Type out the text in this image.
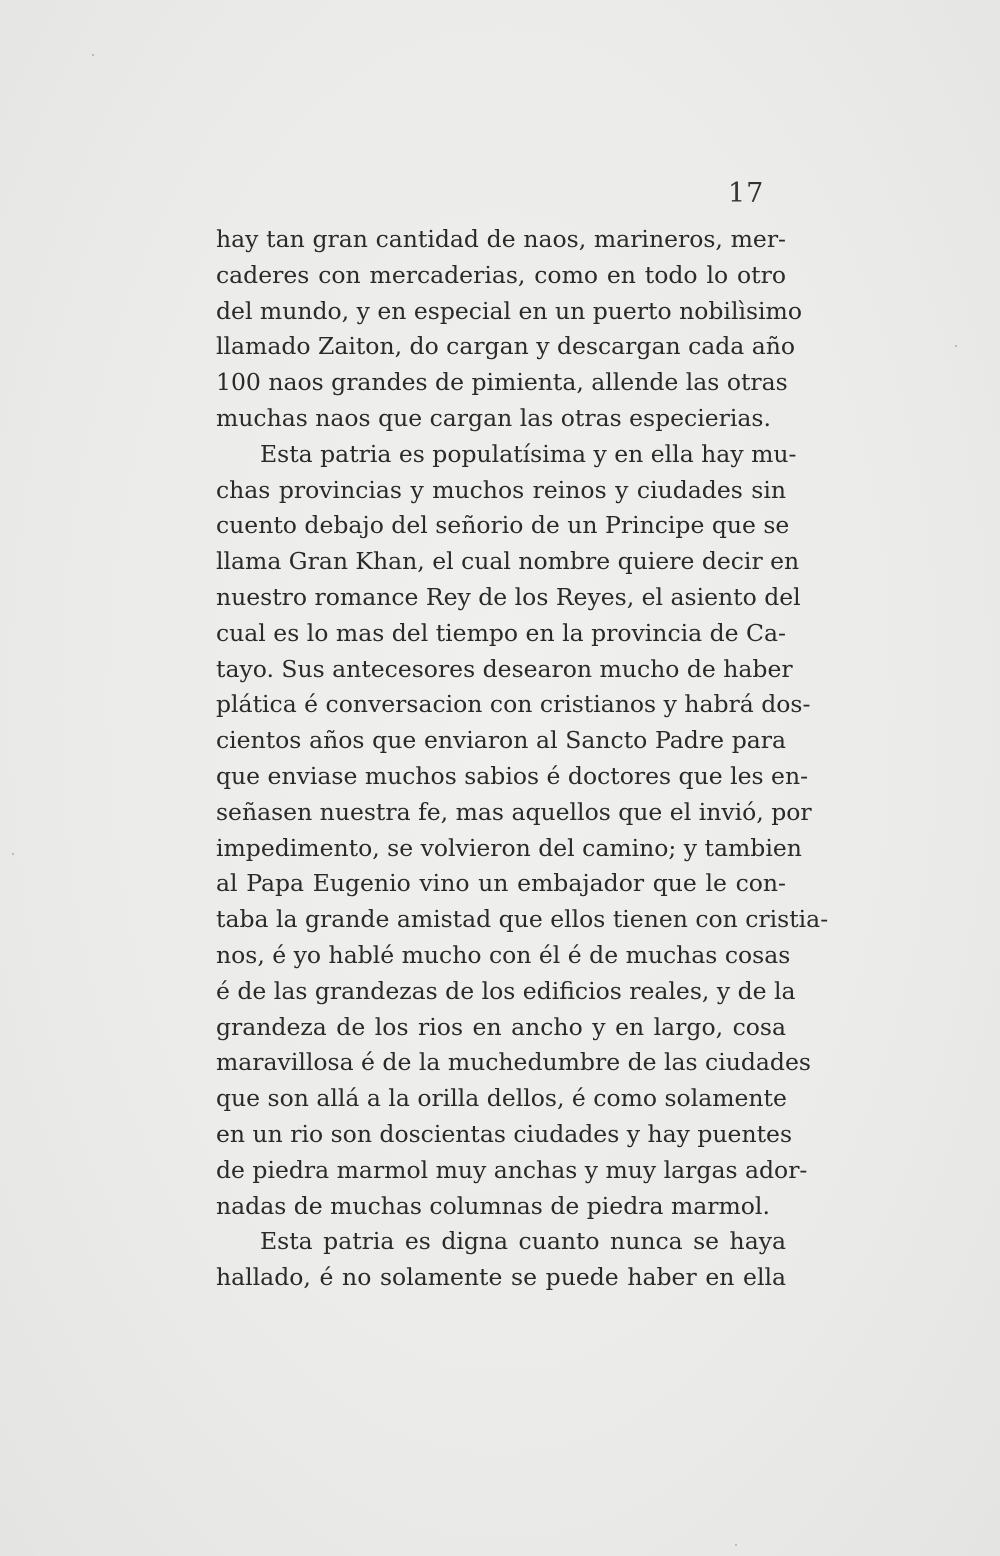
17
hay tan gran cantidad de naos, marineros, mer-
caderes con mercaderias, como en todo lo otro
del mundo, y en especial en un puerto nobilìsimo
llamado Zaiton, do cargan y descargan cada año
100 naos grandes de pimienta, allende las otras
muchas naos que cargan las otras especierias.
Esta patria es populatísima y en ella hay mu-
chas provincias y muchos reinos y ciudades sin
cuento debajo del señorio de un Principe que se
llama Gran Khan, el cual nombre quiere decir en
nuestro romance Rey de los Reyes, el asiento del
cual es lo mas del tiempo en la provincia de Ca-
tayo. Sus antecesores desearon mucho de haber
plática é conversacion con cristianos y habrá dos-
cientos años que enviaron al Sancto Padre para
que enviase muchos sabios é doctores que les en-
señasen nuestra fe, mas aquellos que el invió, por
impedimento, se volvieron del camino; y tambien
al Papa Eugenio vino un embajador que le con-
taba la grande amistad que ellos tienen con cristia-
nos, é yo hablé mucho con él é de muchas cosas
é de las grandezas de los edificios reales, y de la
grandeza de los rios en ancho y en largo, cosa
maravillosa é de la muchedumbre de las ciudades
que son allá a la orilla dellos, é como solamente
en un rio son doscientas ciudades y hay puentes
de piedra marmol muy anchas y muy largas ador-
nadas de muchas columnas de piedra marmol.
Esta patria es digna cuanto nunca se haya
hallado, é no solamente se puede haber en ella
